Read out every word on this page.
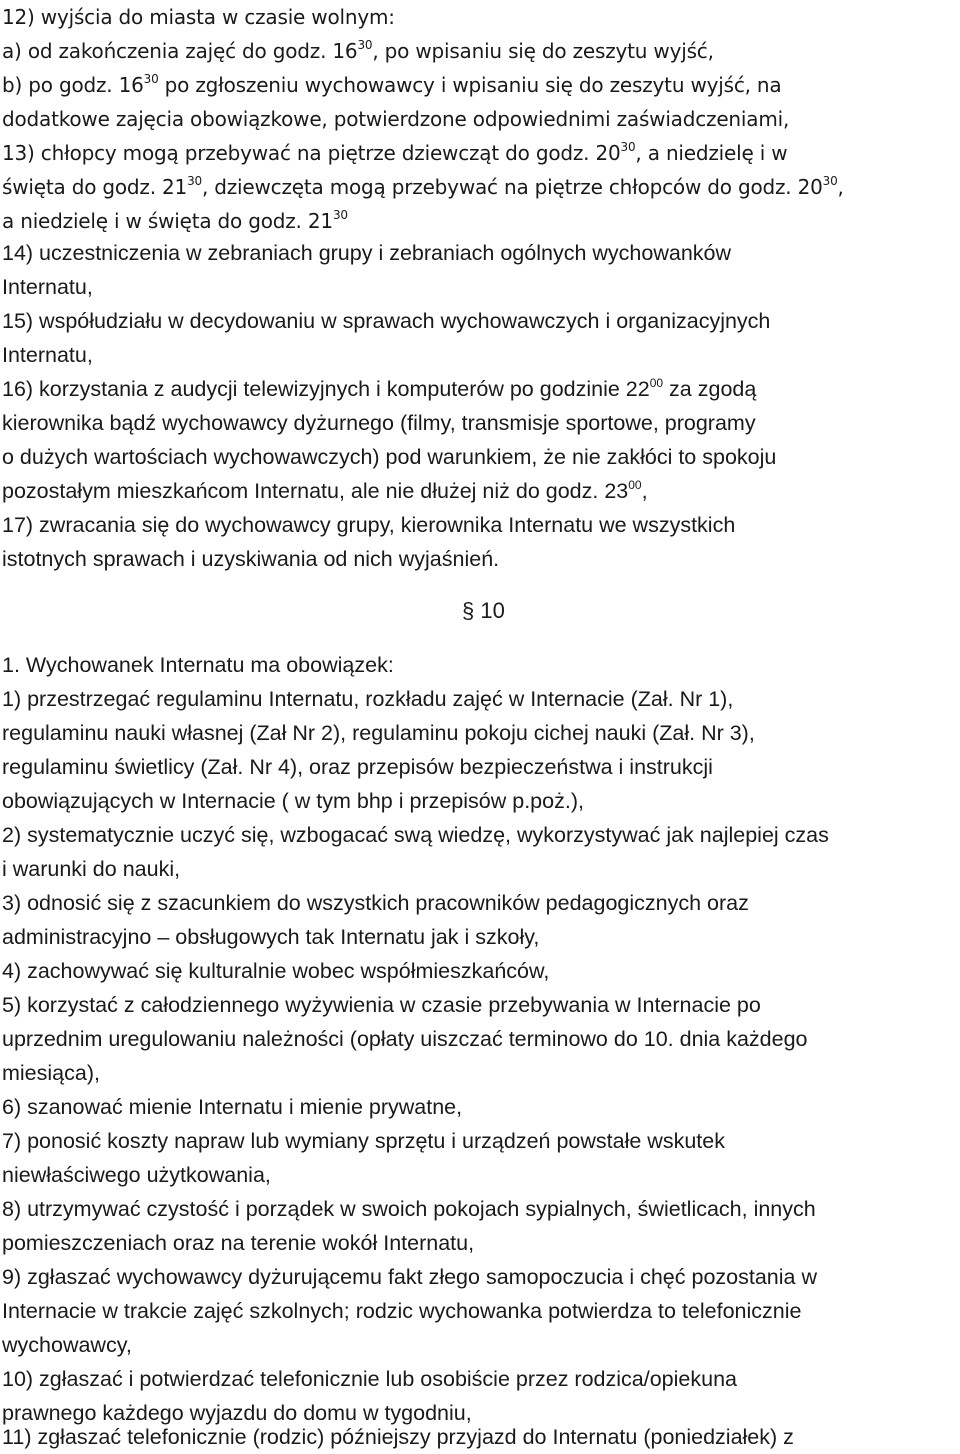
12) wyjścia do miasta w czasie wolnym:
a) od zakończenia zajęć do godz. $16^{30}$, po wpisaniu się do zeszytu wyjść,
b) po godz. $16^{30}$ po zgłoszeniu wychowawcy i wpisaniu się do zeszytu wyjść, na
dodatkowe zajęcia obowiązkowe, potwierdzone odpowiednimi zaświadczeniami,
13) chłopcy mogą przebywać na piętrze dziewcząt do godz. $20^{30}$, a niedzielę i w
święta do godz. $21^{30}$, dziewczęta mogą przebywać na piętrze chłopców do godz. $20^{30}$,
a niedzielę i w święta do godz. $21^{30}$
14) uczestniczenia w zebraniach grupy i zebraniach ogólnych wychowanków
Internatu,
15) współudziału w decydowaniu w sprawach wychowawczych i organizacyjnych
Internatu,
16) korzystania z audycji telewizyjnych i komputerów po godzinie $22^{00}$ za zgodą
kierownika bądź wychowawcy dyżurnego (filmy, transmisje sportowe, programy
o dużych wartościach wychowawczych) pod warunkiem, że nie zakłóci to spokoju
pozostałym mieszkańcom Internatu, ale nie dłużej niż do godz. $23^{00}$,
17) zwracania się do wychowawcy grupy, kierownika Internatu we wszystkich
istotnych sprawach i uzyskiwania od nich wyjaśnień.
§ 10
1. Wychowanek Internatu ma obowiązek:
1) przestrzegać regulaminu Internatu, rozkładu zajęć w Internacie (Zał. Nr 1),
regulaminu nauki własnej (Zał Nr 2), regulaminu pokoju cichej nauki (Zał. Nr 3),
regulaminu świetlicy (Zał. Nr 4), oraz przepisów bezpieczeństwa i instrukcji
obowiązujących w Internacie ( w tym bhp i przepisów p.poż.),
2) systematycznie uczyć się, wzbogacać swą wiedzę, wykorzystywać jak najlepiej czas
i warunki do nauki,
3) odnosić się z szacunkiem do wszystkich pracowników pedagogicznych oraz
administracyjno – obsługowych tak Internatu jak i szkoły,
4) zachowywać się kulturalnie wobec współmieszkańców,
5) korzystać z całodziennego wyżywienia w czasie przebywania w Internacie po
uprzednim uregulowaniu należności (opłaty uiszczać terminowo do 10. dnia każdego
miesiąca),
6) szanować mienie Internatu i mienie prywatne,
7) ponosić koszty napraw lub wymiany sprzętu i urządzeń powstałe wskutek
niewłaściwego użytkowania,
8) utrzymywać czystość i porządek w swoich pokojach sypialnych, świetlicach, innych
pomieszczeniach oraz na terenie wokół Internatu,
9) zgłaszać wychowawcy dyżurującemu fakt złego samopoczucia i chęć pozostania w
Internacie w trakcie zajęć szkolnych; rodzic wychowanka potwierdza to telefonicznie
wychowawcy,
10) zgłaszać i potwierdzać telefonicznie lub osobiście przez rodzica/opiekuna
prawnego każdego wyjazdu do domu w tygodniu,
11) zgłaszać telefonicznie (rodzic) późniejszy przyjazd do Internatu (poniedziałek) z
